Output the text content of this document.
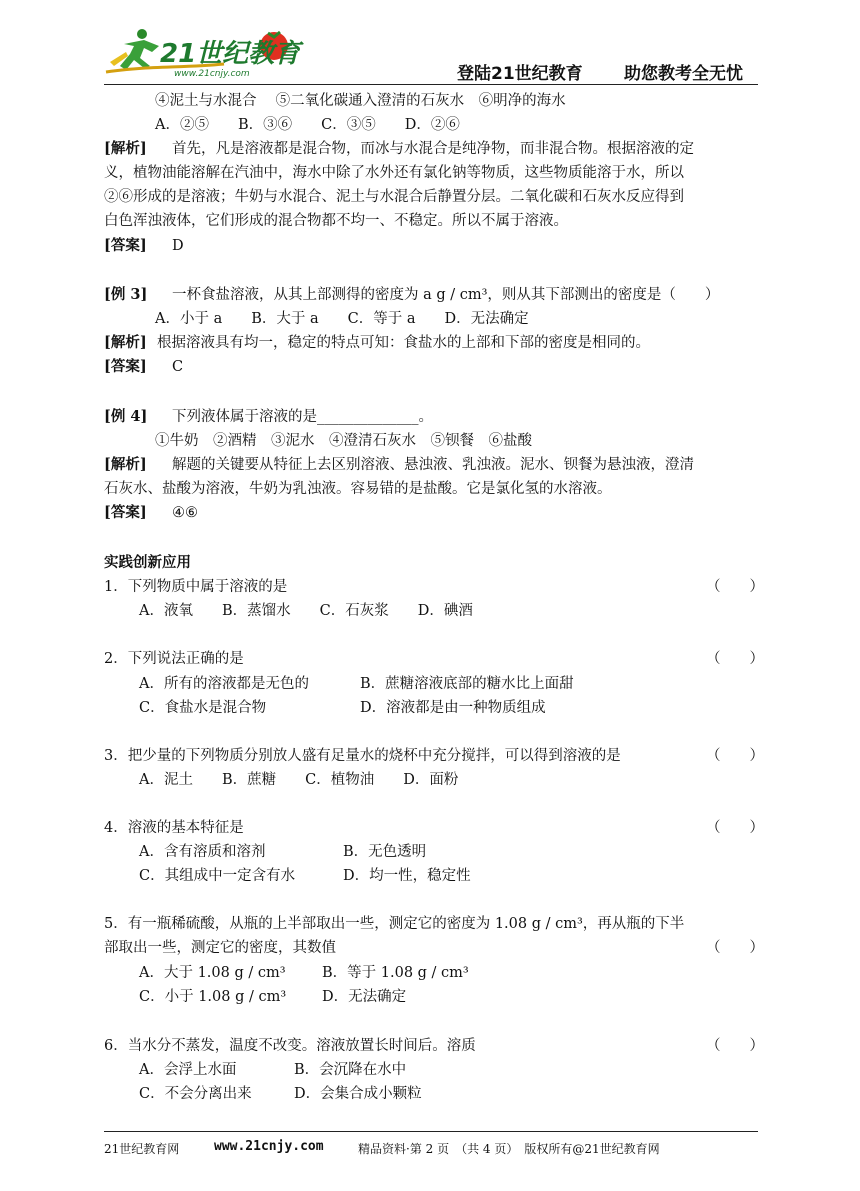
21世纪教育
www.21cnjy.com	登陆21世纪教育 助您教考全无忧
④泥土与水混合　 ⑤二氧化碳通入澄清的石灰水　⑥明净的海水
A．②⑤　　B．③⑥　　C．③⑤　　D．②⑥
[解析] 首先，凡是溶液都是混合物，而冰与水混合是纯净物，而非混合物。根据溶液的定
义，植物油能溶解在汽油中，海水中除了水外还有氯化钠等物质，这些物质能溶于水，所以
②⑥形成的是溶液；牛奶与水混合、泥土与水混合后静置分层。二氧化碳和石灰水反应得到
白色浑浊液体，它们形成的混合物都不均一、不稳定。所以不属于溶液。
[答案] D
[例 3] 一杯食盐溶液，从其上部测得的密度为 a g / cm³，则从其下部测出的密度是（　　）
A．小于 a　　B．大于 a　　C．等于 a　　D．无法确定
[解析] 根据溶液具有均一，稳定的特点可知：食盐水的上部和下部的密度是相同的。
[答案] C
[例 4] 下列液体属于溶液的是______________。
①牛奶　②酒精　③泥水　④澄清石灰水　⑤钡餐　⑥盐酸
[解析] 解题的关键要从特征上去区别溶液、悬浊液、乳浊液。泥水、钡餐为悬浊液，澄清
石灰水、盐酸为溶液，牛奶为乳浊液。容易错的是盐酸。它是氯化氢的水溶液。
[答案] ④⑥
实践创新应用
1．下列物质中属于溶液的是	（　　）
A．液氧　　B．蒸馏水　　C．石灰浆　　D．碘酒
2．下列说法正确的是	（　　）
A．所有的溶液都是无色的	B．蔗糖溶液底部的糖水比上面甜
C．食盐水是混合物	D．溶液都是由一种物质组成
3．把少量的下列物质分别放人盛有足量水的烧杯中充分搅拌，可以得到溶液的是	（　　）
A．泥土　　B．蔗糖　　C．植物油　　D．面粉
4．溶液的基本特征是	（　　）
A．含有溶质和溶剂	B．无色透明
C．其组成中一定含有水	D．均一性，稳定性
5．有一瓶稀硫酸，从瓶的上半部取出一些，测定它的密度为 1.08 g / cm³，再从瓶的下半
部取出一些，测定它的密度，其数值	（　　）
A．大于 1.08 g / cm³	B．等于 1.08 g / cm³
C．小于 1.08 g / cm³ D．无法确定
6．当水分不蒸发，温度不改变。溶液放置长时间后。溶质	（　　）
A．会浮上水面	B．会沉降在水中
C．不会分离出来	D．会集合成小颗粒
21世纪教育网	www.21cnjy.com	精品资料·第 2 页　（共 4 页）　版权所有@21世纪教育网
